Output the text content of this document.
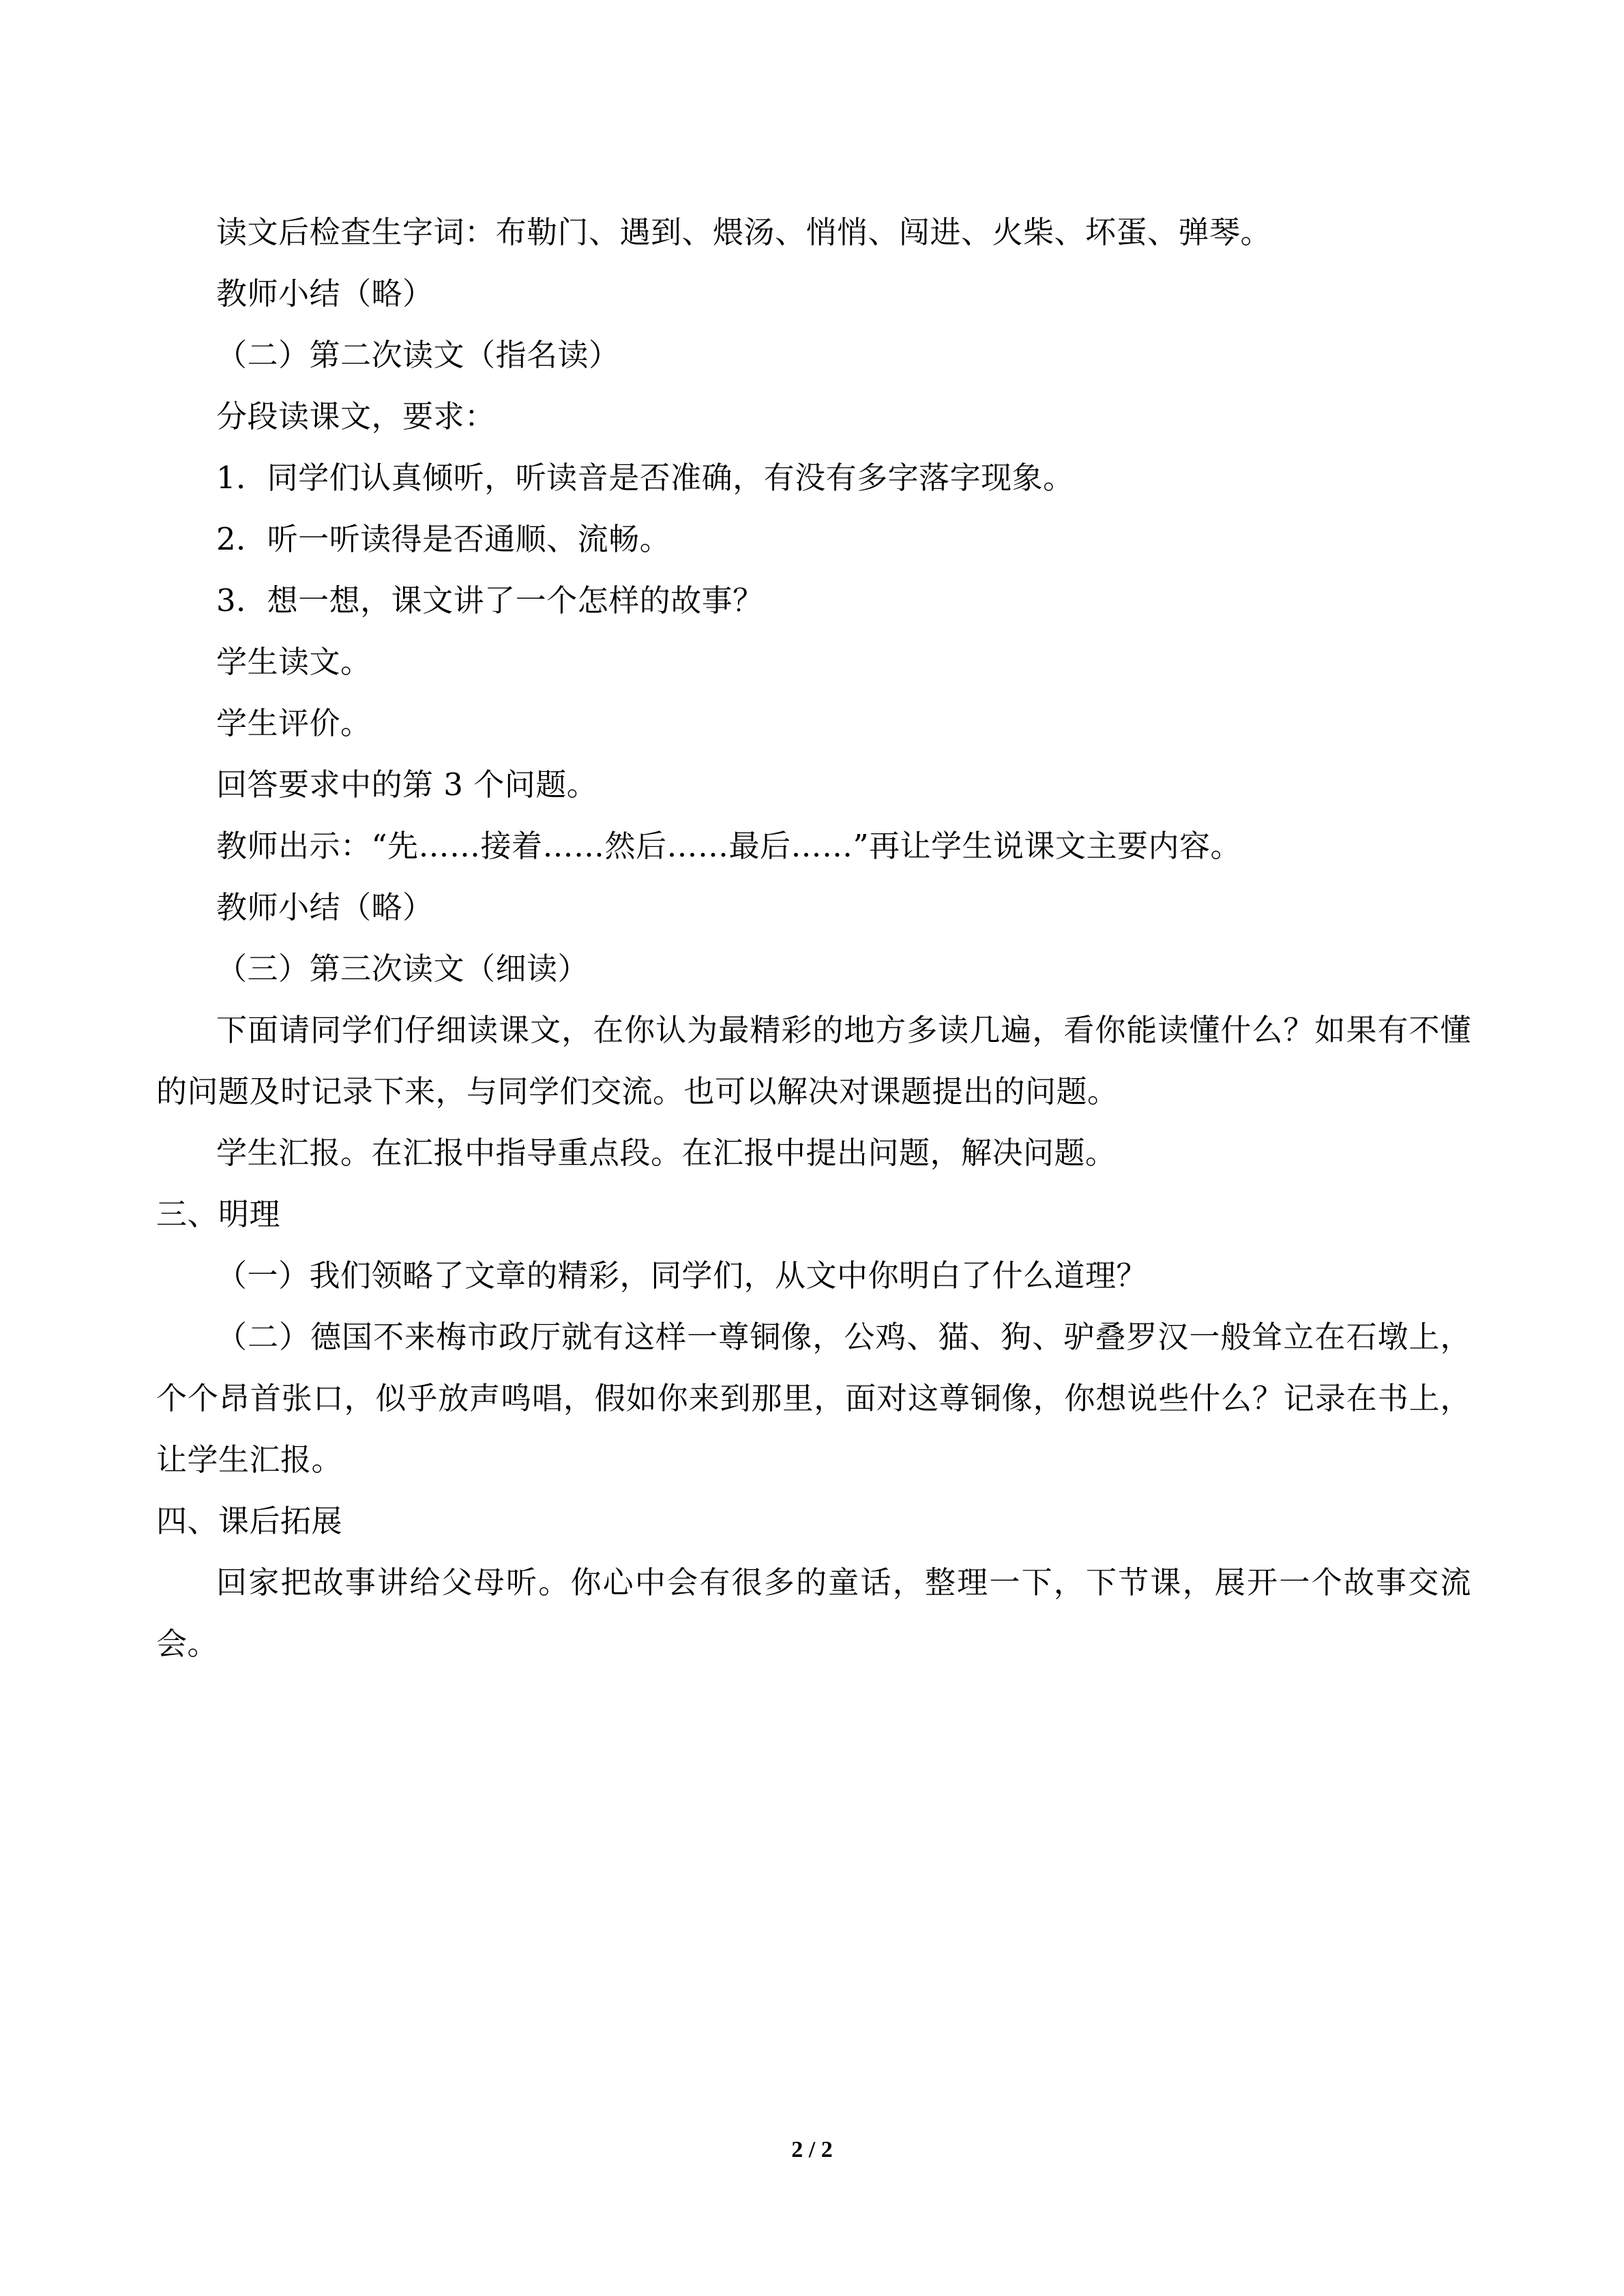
读文后检查生字词：布勒门、遇到、煨汤、悄悄、闯进、火柴、坏蛋、弹琴。
教师小结（略）
（二）第二次读文（指名读）
分段读课文，要求：
1．同学们认真倾听，听读音是否准确，有没有多字落字现象。
2．听一听读得是否通顺、流畅。
3．想一想，课文讲了一个怎样的故事？
学生读文。
学生评价。
回答要求中的第 3 个问题。
教师出示：“先……接着……然后……最后……”再让学生说课文主要内容。
教师小结（略）
（三）第三次读文（细读）
下面请同学们仔细读课文，在你认为最精彩的地方多读几遍，看你能读懂什么？如果有不懂的问题及时记录下来，与同学们交流。也可以解决对课题提出的问题。
学生汇报。在汇报中指导重点段。在汇报中提出问题，解决问题。
三、明理
（一）我们领略了文章的精彩，同学们，从文中你明白了什么道理？
（二）德国不来梅市政厅就有这样一尊铜像，公鸡、猫、狗、驴叠罗汉一般耸立在石墩上，个个昂首张口，似乎放声鸣唱，假如你来到那里，面对这尊铜像，你想说些什么？记录在书上，让学生汇报。
四、课后拓展
回家把故事讲给父母听。你心中会有很多的童话，整理一下，下节课，展开一个故事交流会。
2 / 2
